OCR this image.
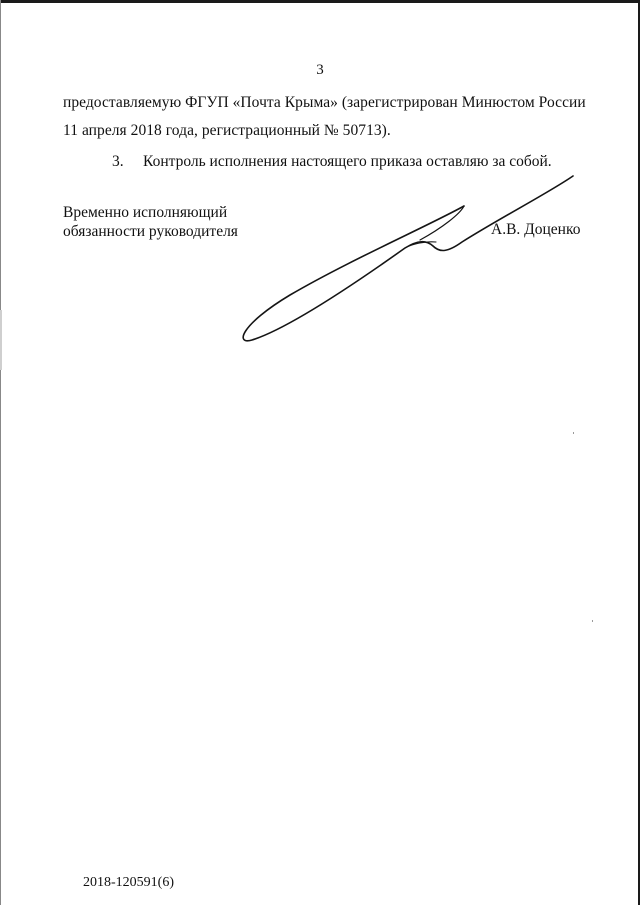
3
предоставляемую ФГУП «Почта Крыма» (зарегистрирован Минюстом России
11 апреля 2018 года, регистрационный № 50713).
3. Контроль исполнения настоящего приказа оставляю за собой.
Временно исполняющий
обязанности руководителя	А.В. Доценко
2018-120591(6)
